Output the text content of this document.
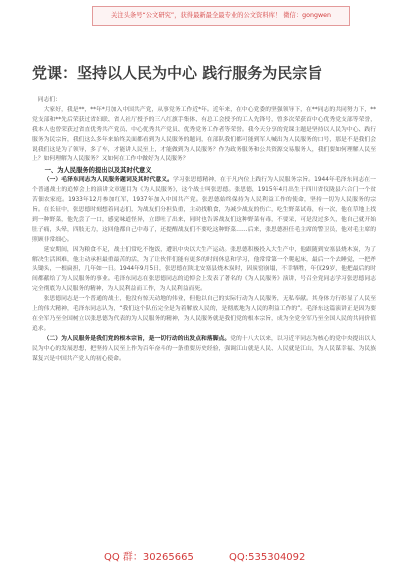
关注头条号“公文研究”，获得最新最全最专业的公文资料库！ 微信：gongwen
党课：坚持以人民为中心 践行服务为民宗旨

同志们：

大家好，我是**，**年*月加入中国共产党，从事党务工作近*年。近年来，在中心党委的坚强领导下，在**同志的共同努力下，**党支部和**先后荣获过省妇联、省人社厅授予的三八红旗手集体、有总工会授予的工人先锋号，曾多次荣获首中心优秀党支部等荣誉，我本人也曾荣获过省直优秀共产党员、中心优秀共产党员、优秀党务工作者等荣誉。我今天分享的党课主题是坚持以人民为中心、践行服务为民宗旨，我们这么多年来始终关面都看到为人民服务的题词，在部队我们都可能到军人喊出为人民服务的口号，那是不是我们会说我们这是为了领导，多了车，才能讲人民至上，才能做到为人民服务？作为政务服务和公共资源交易服务人，我们要如何理解人民至上？如何理解为人民服务？又如何在工作中做好为人民服务？

一、为人民服务的提出以及其时代意义

（一）毛泽东同志为人民服务题词及其时代意义。学习张思德精神，在于凡内位上践行为人民服务宗旨。1944年毛泽东同志在一个普通战士的追悼会上的演讲文章题目为《为人民服务》，这个战士叫张思德。张思德，1915年4月出生于四川省仪陇县六合门一个贫苦佃农家庭。1933年12月参加红军，1937年加入中国共产党。张思德始终保持为人民利益工作的使命，坚持一切为人民服务的宗旨。在长征中，张思德时刻想着同志们，为战友们分担负重，主动找粮食，为减少战友的伤亡，吃生野菜试毒，有一次，他在草地上找到一种野菜，他先尝了一口，感觉味道怪异，立即吐了出来，同时也告诉战友们这种野菜有毒，不要采，可是没过多久，他自己就开始肚子痛，头晕，四肢无力，这回他都自己中毒了，还提醒战友们不要吃这种野菜……后来，张思德担任毛主席的警卫员，他对毛主席的照顾非常细心。

延安期间，因为粮食不足，战士们常吃不饱饭，遭讯中央以大生产运动。张思德积极投入大生产中，他跟随到安塞县烧木炭，为了解决生活困难，他主动承担最重最苦的活，为了让伙伴们能有更多的时间休息和学习，他常常第一个爬起床，最后一个去睡觉，一把斧头锄头，一根扁担，几年如一日。1944年9月5日，张思德在陕北安塞县烧木炭时，因炭窑崩塌，不幸牺牲，年仅29岁，他把最后的时间都献给了为人民服务的事业。毛泽东同志在张思德同志的追悼会上发表了著名的《为人民服务》演讲，号召全党同志学习张思德同志完全彻底为人民服务的精神，为人民利益而工作，为人民利益而死。

张思德同志是一个普通的战士，他没有惊天动地的伟业，但他以自己的实际行动为人民服务，无私奉献。其身体力行彰显了人民至上的伟大精神，毛泽东同志认为，“我们这个队伍完全是为着解放人民的，是彻底地为人民的利益工作的”。毛泽东这篇演讲正是因为要在全军乃至全国树立以张思德为代表的为人民服务的精神，为人民服务就是我们党的根本宗旨，成为全党全军乃至全国人民的共同价值追求。

（二）为人民服务是我们党的根本宗旨，是一切行动的出发点和落脚点。党的十八大以来，以习近平同志为核心的党中央提出以人民为中心的发展思想，把坚持人民至上作为百年奋斗的一条重要历史经验，强调江山就是人民、人民就是江山，为人民谋幸福、为民族谋复兴是中国共产党人的初心使命。

QQ 群：30265665	QQ:535304092
